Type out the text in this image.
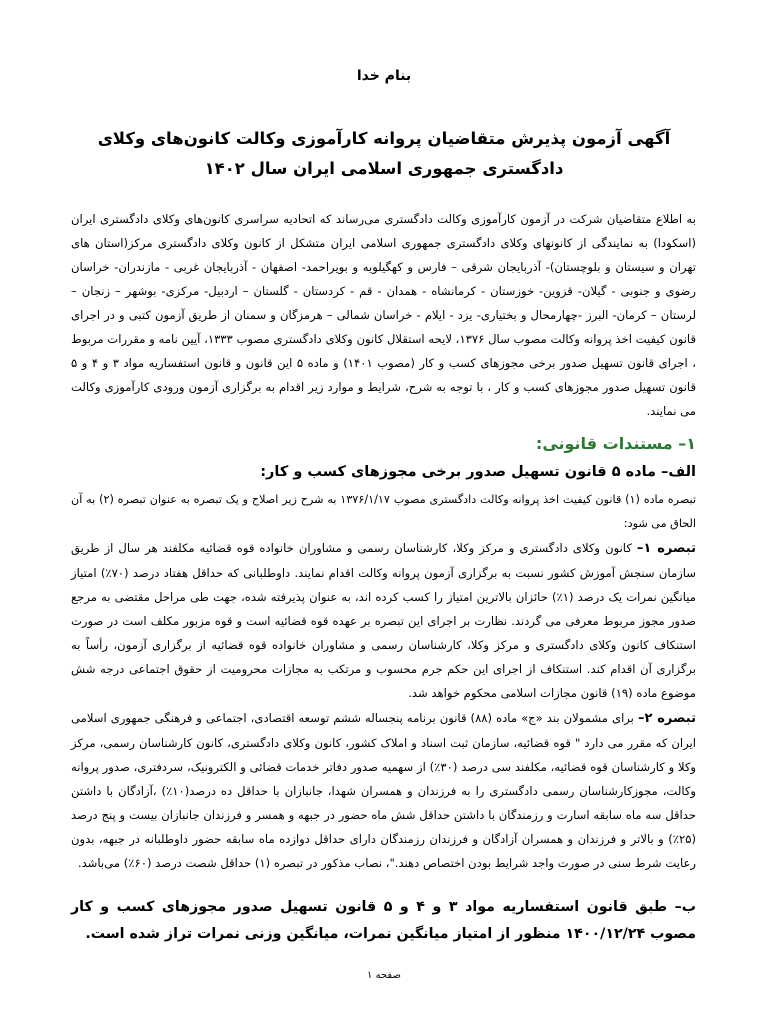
بنام خدا
آگهی آزمون پذیرش متقاضیان پروانه کارآموزی وکالت کانون‌های وکلای دادگستری جمهوری اسلامی ایران سال ۱۴۰۲
به اطلاع متقاضیان شرکت در آزمون کارآموزی وکالت دادگستری می‌رساند که اتحادیه سراسری کانون‌های وکلای دادگستری ایران (اسکودا) به نمایندگی از کانونهای وکلای دادگستری جمهوری اسلامی ایران متشکل از کانون وکلای دادگستری مرکز(استان های تهران و سیستان و بلوچستان)- آذربایجان شرقی – فارس و کهگیلویه و بویراحمد- اصفهان - آذربایجان غربی - مازندران- خراسان رضوی و جنوبی - گیلان- قزوین- خوزستان - کرمانشاه - همدان - قم - کردستان - گلستان – اردبیل- مرکزی- بوشهر – زنجان – لرستان – کرمان- البرز -چهارمحال و بختیاری- یزد - ایلام - خراسان شمالی – هرمزگان و سمنان از طریق آزمون کتبی و در اجرای قانون کیفیت اخذ پروانه وکالت مصوب سال ۱۳۷۶، لایحه استقلال کانون وکلای دادگستری مصوب ۱۳۳۳، آیین نامه و مقررات مربوط ، اجرای قانون تسهیل صدور برخی مجوزهای کسب و کار (مصوب ۱۴۰۱) و ماده ۵ این قانون و قانون استفساریه مواد ۳ و ۴ و ۵ قانون تسهیل صدور مجوزهای کسب و کار ، با توجه به شرح، شرایط و موارد زیر اقدام به برگزاری آزمون ورودی کارآموزی وکالت می نمایند.
۱– مستندات قانونی:
الف– ماده ۵ قانون تسهیل صدور برخی مجوزهای کسب و کار:
تبصره ماده (۱) قانون کیفیت اخذ پروانه وکالت دادگستری مصوب ۱۳۷۶/۱/۱۷ به شرح زیر اصلاح و یک تبصره به عنوان تبصره (۲) به آن الحاق می شود:
تبصره ۱– کانون وکلای دادگستری و مرکز وکلا، کارشناسان رسمی و مشاوران خانواده قوه قضائیه مکلفند هر سال از طریق سازمان سنجش آموزش کشور نسبت به برگزاری آزمون پروانه وکالت اقدام نمایند. داوطلبانی که حداقل هفتاد درصد (۷۰٪) امتیاز میانگین نمرات یک درصد (۱٪) حائزان بالاترین امتیاز را کسب کرده اند، به عنوان پذیرفته شده، جهت طی مراحل مقتضی به مرجع صدور مجوز مربوط معرفی می گردند. نظارت بر اجرای این تبصره بر عهده قوه قضائیه است و قوه مزبور مکلف است در صورت استنکاف کانون وکلای دادگستری و مرکز وکلا، کارشناسان رسمی و مشاوران خانواده قوه قضائیه از برگزاری آزمون، رأساً به برگزاری آن اقدام کند. استنکاف از اجرای این حکم جرم محسوب و مرتکب به مجازات محرومیت از حقوق اجتماعی درجه شش موضوع ماده (۱۹) قانون مجازات اسلامی محکوم خواهد شد.
تبصره ۲– برای مشمولان بند «ج» ماده (۸۸) قانون برنامه پنجساله ششم توسعه اقتصادی، اجتماعی و فرهنگی جمهوری اسلامی ایران که مقرر می دارد " قوه قضائیه، سازمان ثبت اسناد و املاک کشور، کانون وکلای دادگستری، کانون کارشناسان رسمی، مرکز وکلا و کارشناسان قوه قضائیه، مکلفند سی درصد (۳۰٪) از سهمیه صدور دفاتر خدمات قضائی و الکترونیک، سردفتری، صدور پروانه وکالت، مجوزکارشناسان رسمی دادگستری را به فرزندان و همسران شهدا، جانبازان با حداقل ده درصد(۱۰٪) ،آزادگان با داشتن حداقل سه ماه سابقه اسارت و رزمندگان با داشتن حداقل شش ماه حضور در جبهه و همسر و فرزندان جانبازان بیست و پنج درصد (۲۵٪) و بالاتر و فرزندان و همسران آزادگان و فرزندان رزمندگان دارای حداقل دوازده ماه سابقه حضور داوطلبانه در جبهه، بدون رعایت شرط سنی در صورت واجد شرایط بودن اختصاص دهند."، نصاب مذکور در تبصره (۱) حداقل شصت درصد (۶۰٪) می‌باشد.
ب– طبق قانون استفساریه مواد ۳ و ۴ و ۵ قانون تسهیل صدور مجوزهای کسب و کار مصوب ۱۴۰۰/۱۲/۲۴ منظور از امتیاز میانگین نمرات، میانگین وزنی نمرات تراز شده است.
صفحه ۱
